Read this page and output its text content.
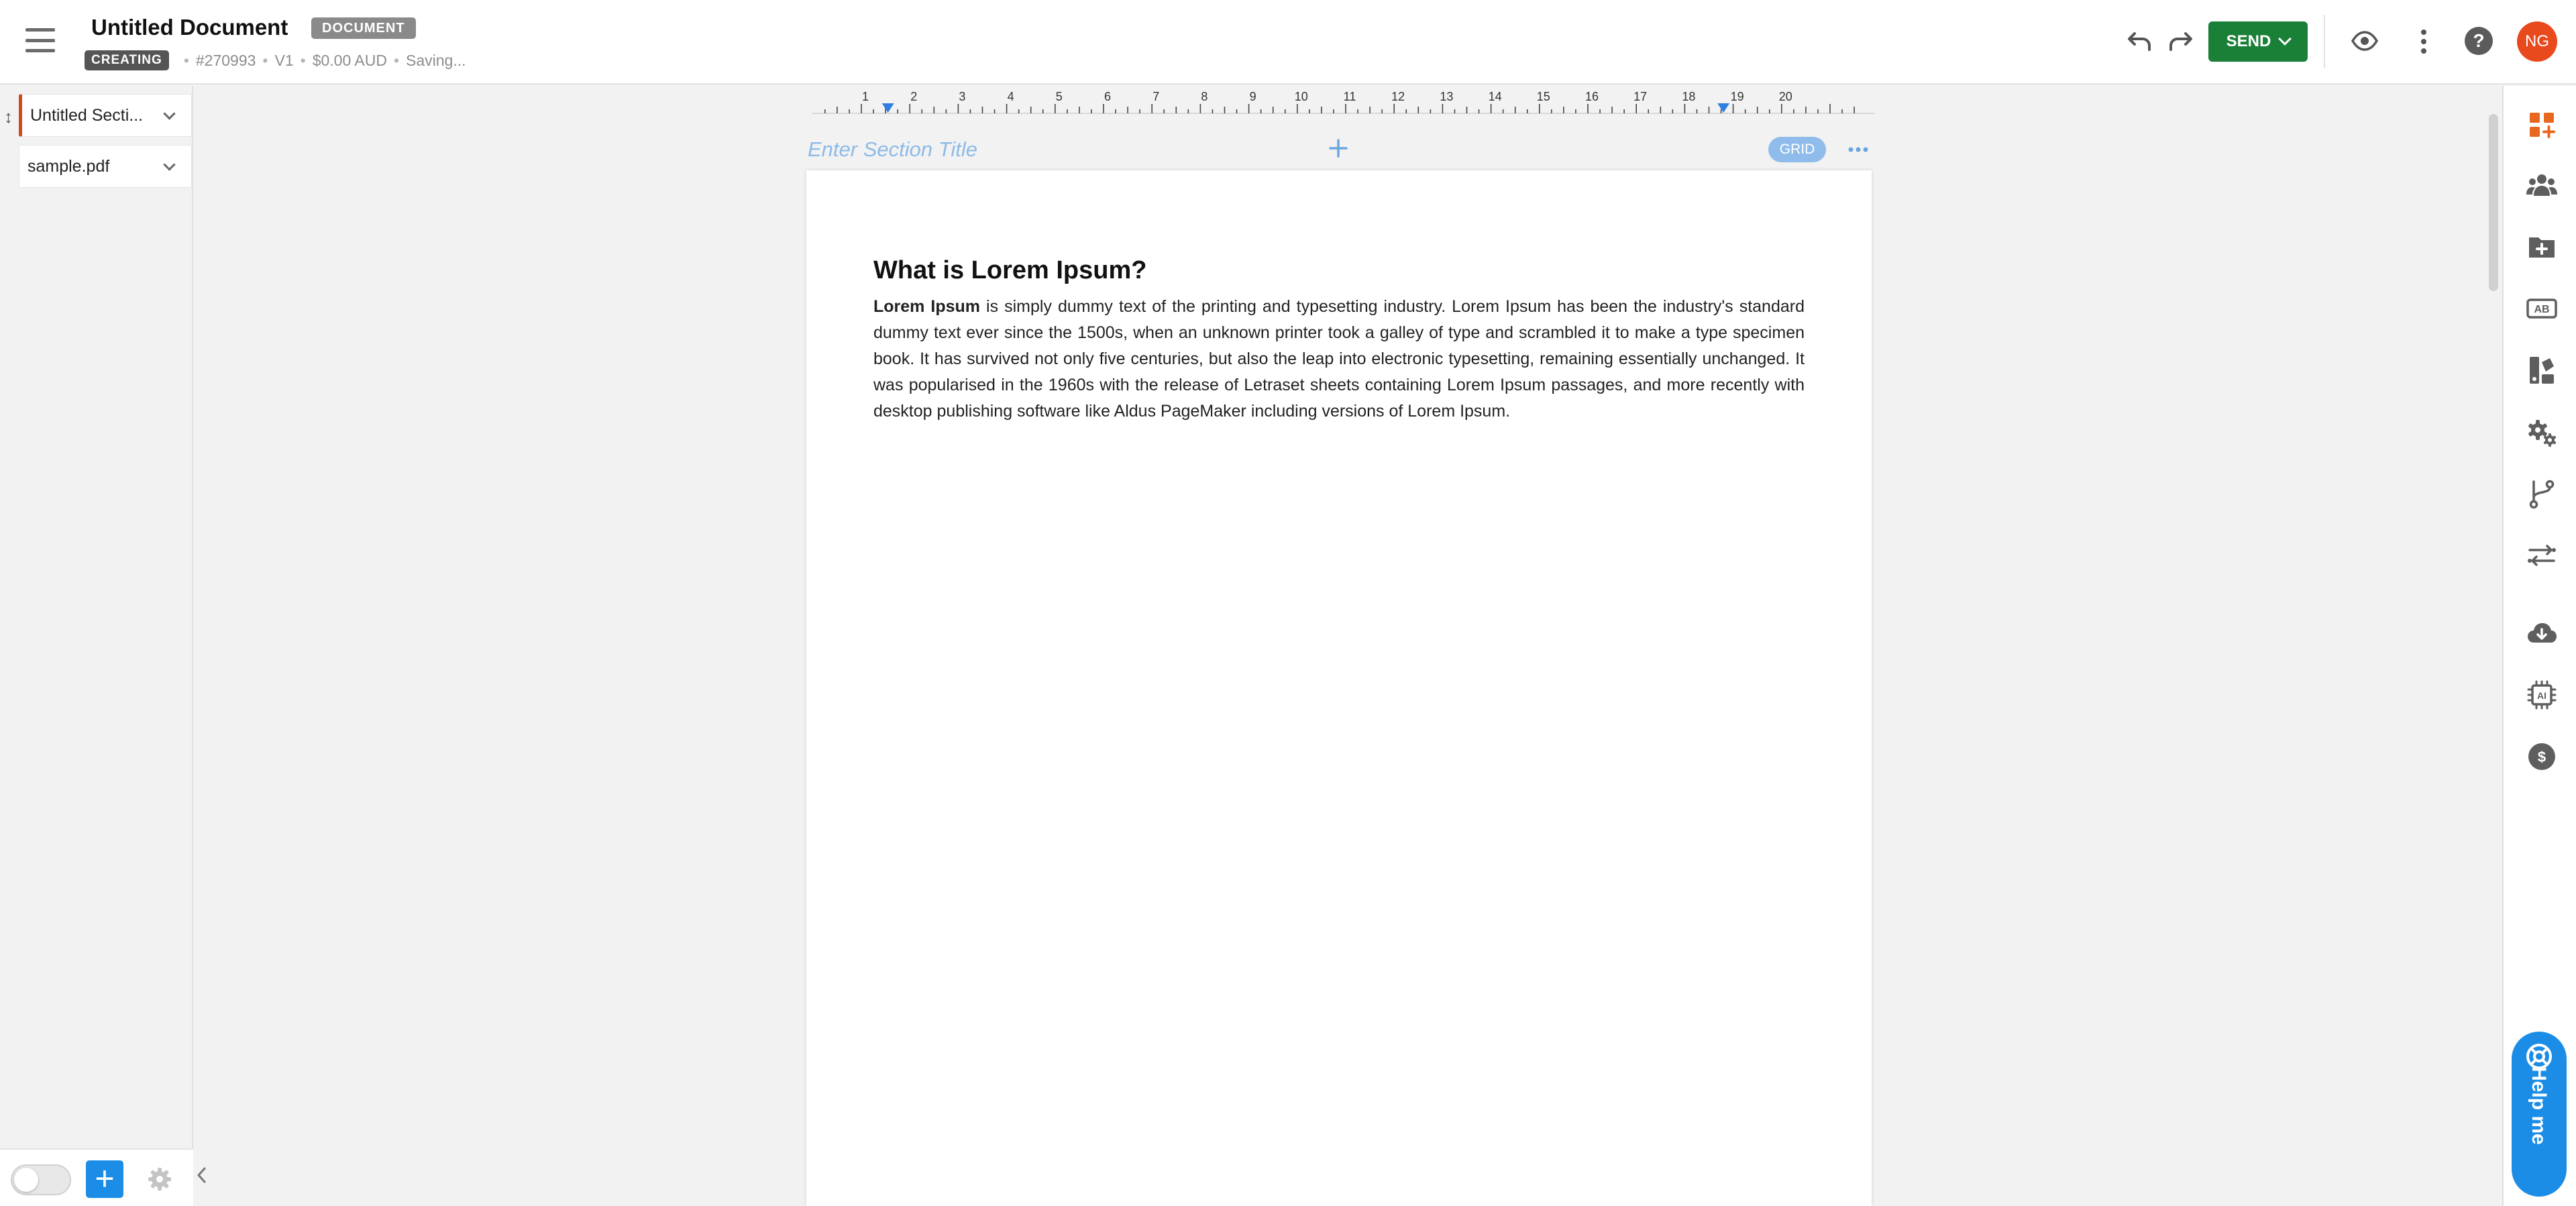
Untitled Document	DOCUMENT
CREATING	• #270993 • V1 • $0.00 AUD • Saving...
SEND	?	NG
Untitled Secti...
sample.pdf
+
↕
1	2	3	4	5	6	7	8	9	10	11	12	13	14	15	16	17	18	19	20
Enter Section Title
GRID
What is Lorem Ipsum?

Lorem Ipsum is simply dummy text of the printing and typesetting industry. Lorem Ipsum has been the industry's standard dummy text ever since the 1500s, when an unknown printer took a galley of type and scrambled it to make a type specimen book. It has survived not only five centuries, but also the leap into electronic typesetting, remaining essentially unchanged. It was popularised in the 1960s with the release of Letraset sheets containing Lorem Ipsum passages, and more recently with desktop publishing software like Aldus PageMaker including versions of Lorem Ipsum.

AB
AI
$
Help me
